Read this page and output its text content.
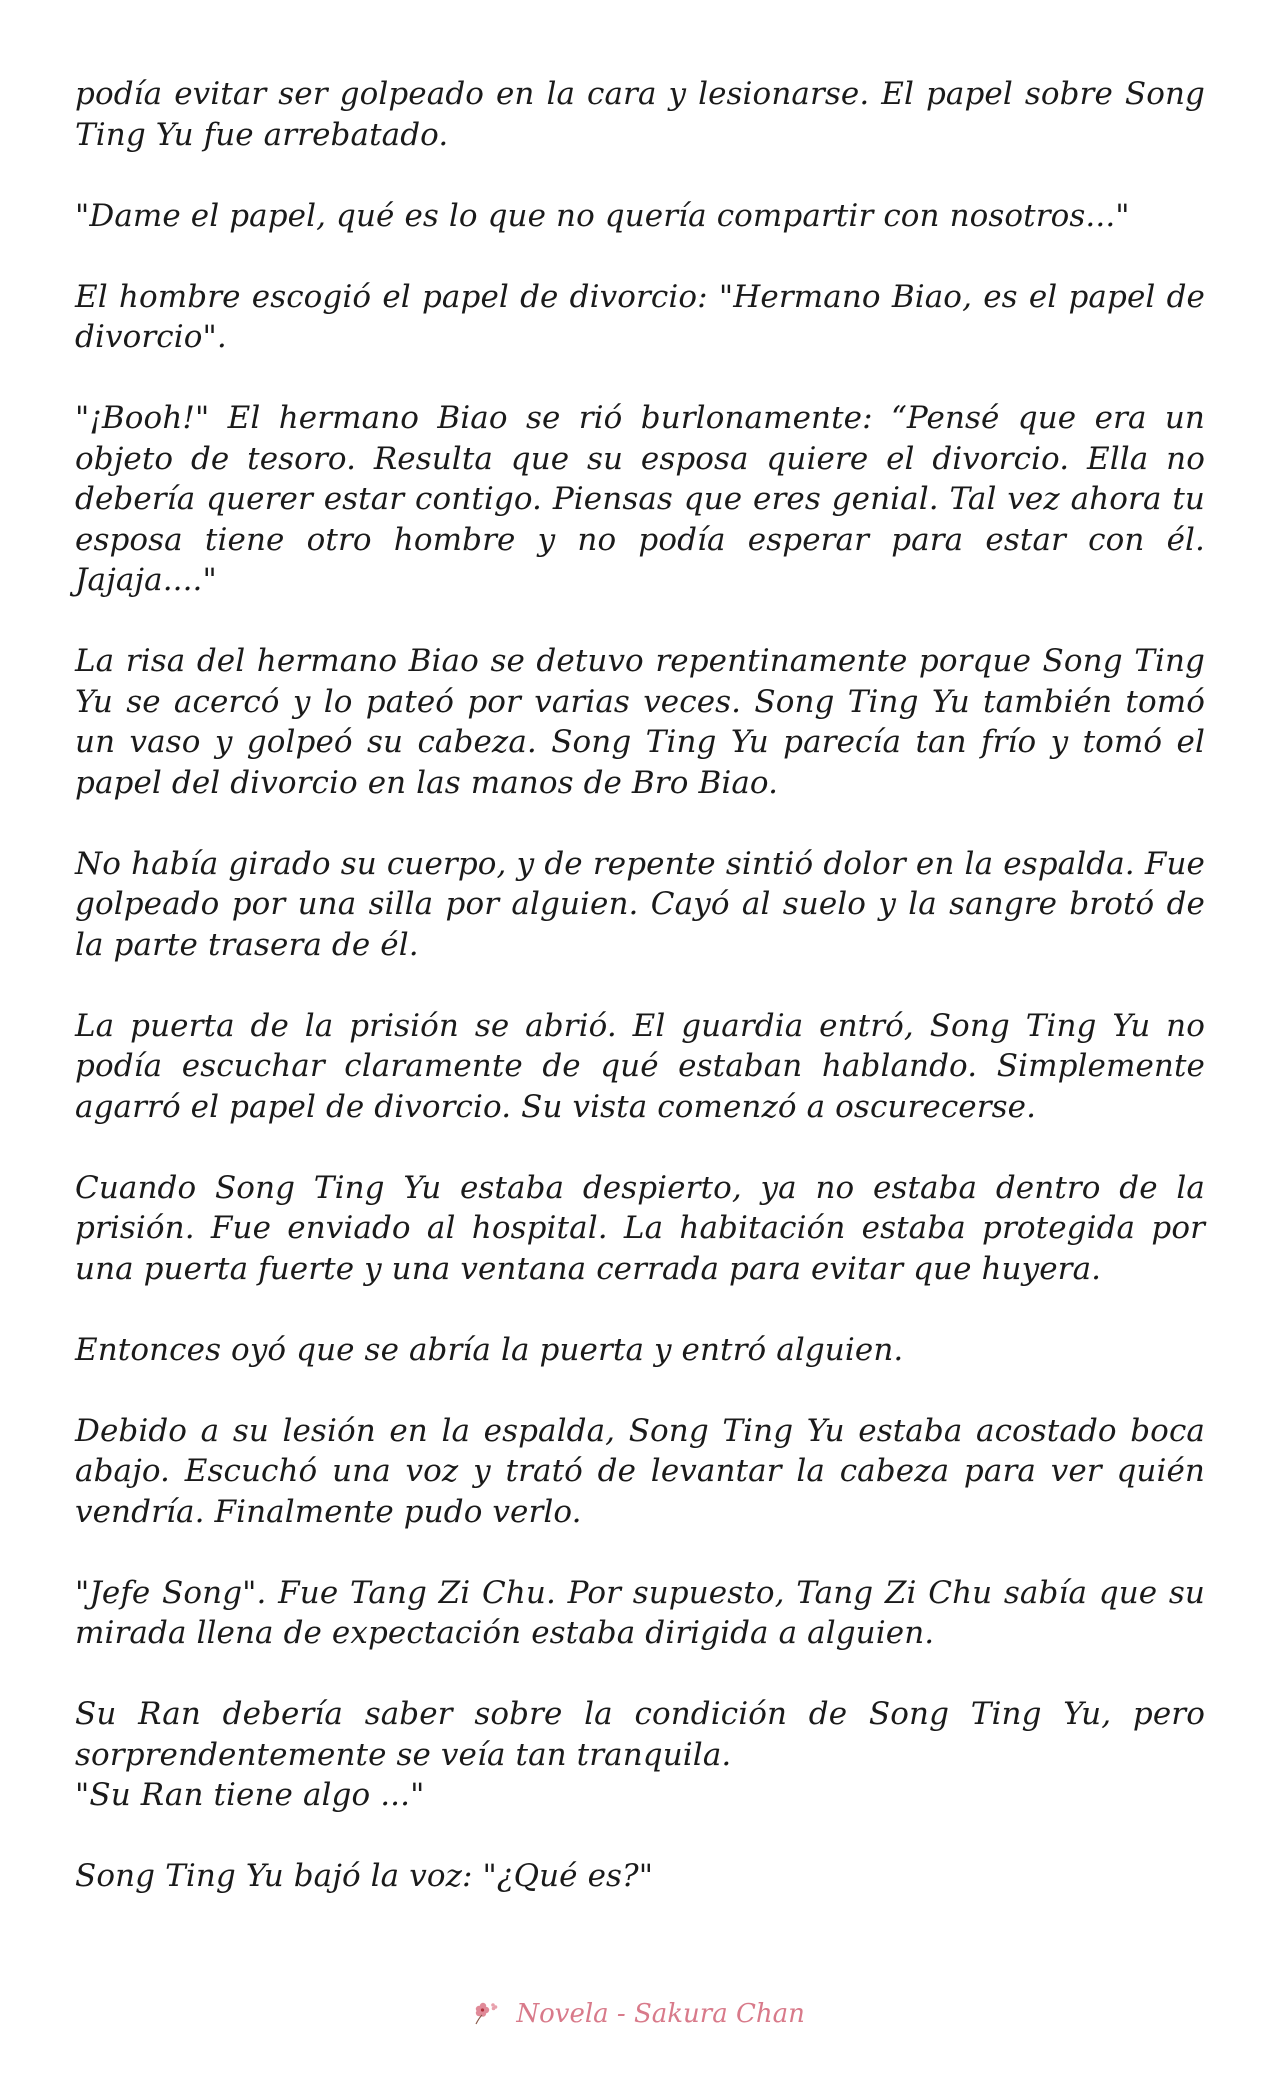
podía evitar ser golpeado en la cara y lesionarse. El papel sobre Song Ting Yu fue arrebatado.

"Dame el papel, qué es lo que no quería compartir con nosotros..."

El hombre escogió el papel de divorcio: "Hermano Biao, es el papel de divorcio".

"¡Booh!" El hermano Biao se rió burlonamente: “Pensé que era un objeto de tesoro. Resulta que su esposa quiere el divorcio. Ella no debería querer estar contigo. Piensas que eres genial. Tal vez ahora tu esposa tiene otro hombre y no podía esperar para estar con él. Jajaja...."

La risa del hermano Biao se detuvo repentinamente porque Song Ting Yu se acercó y lo pateó por varias veces. Song Ting Yu también tomó un vaso y golpeó su cabeza. Song Ting Yu parecía tan frío y tomó el papel del divorcio en las manos de Bro Biao.

No había girado su cuerpo, y de repente sintió dolor en la espalda. Fue golpeado por una silla por alguien. Cayó al suelo y la sangre brotó de la parte trasera de él.

La puerta de la prisión se abrió. El guardia entró, Song Ting Yu no podía escuchar claramente de qué estaban hablando. Simplemente agarró el papel de divorcio. Su vista comenzó a oscurecerse.

Cuando Song Ting Yu estaba despierto, ya no estaba dentro de la prisión. Fue enviado al hospital. La habitación estaba protegida por una puerta fuerte y una ventana cerrada para evitar que huyera.

Entonces oyó que se abría la puerta y entró alguien.

Debido a su lesión en la espalda, Song Ting Yu estaba acostado boca abajo. Escuchó una voz y trató de levantar la cabeza para ver quién vendría. Finalmente pudo verlo.

"Jefe Song". Fue Tang Zi Chu. Por supuesto, Tang Zi Chu sabía que su mirada llena de expectación estaba dirigida a alguien.

Su Ran debería saber sobre la condición de Song Ting Yu, pero sorprendentemente se veía tan tranquila.

"Su Ran tiene algo ..."

Song Ting Yu bajó la voz: "¿Qué es?"

Novela - Sakura Chan
